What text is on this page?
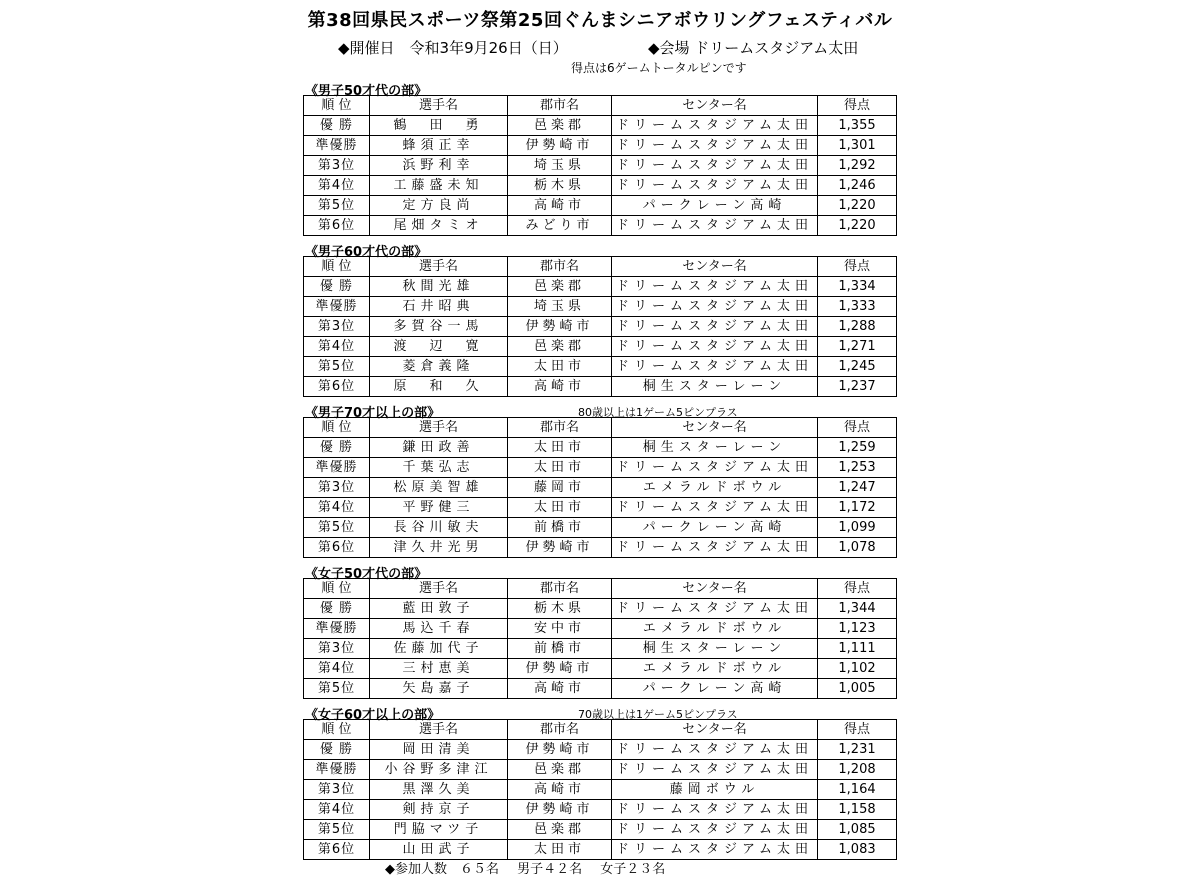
第38回県民スポーツ祭第25回ぐんまシニアボウリングフェスティバル
◆開催日　令和3年9月26日（日）	◆会場 ドリームスタジアム太田
得点は6ゲームトータルピンです
《男子50才代の部》
順 位	選手名	郡市名	センター名	得点
優 勝	鶴　田　勇	邑楽郡	ドリームスタジアム太田	1,355
準優勝	蜂須正幸	伊勢崎市	ドリームスタジアム太田	1,301
第3位	浜野利幸	埼玉県	ドリームスタジアム太田	1,292
第4位	工藤盛未知	栃木県	ドリームスタジアム太田	1,246
第5位	定方良尚	高崎市	パークレーン高崎	1,220
第6位	尾畑タミオ	みどり市	ドリームスタジアム太田	1,220
《男子60才代の部》
順 位	選手名	郡市名	センター名	得点
優 勝	秋間光雄	邑楽郡	ドリームスタジアム太田	1,334
準優勝	石井昭典	埼玉県	ドリームスタジアム太田	1,333
第3位	多賀谷一馬	伊勢崎市	ドリームスタジアム太田	1,288
第4位	渡　辺　寛	邑楽郡	ドリームスタジアム太田	1,271
第5位	菱倉義隆	太田市	ドリームスタジアム太田	1,245
第6位	原　和　久	高崎市	桐生スターレーン	1,237
《男子70才以上の部》	80歳以上は1ゲーム5ピンプラス
順 位	選手名	郡市名	センター名	得点
優 勝	鎌田政善	太田市	桐生スターレーン	1,259
準優勝	千葉弘志	太田市	ドリームスタジアム太田	1,253
第3位	松原美智雄	藤岡市	エメラルドボウル	1,247
第4位	平野健三	太田市	ドリームスタジアム太田	1,172
第5位	長谷川敏夫	前橋市	パークレーン高崎	1,099
第6位	津久井光男	伊勢崎市	ドリームスタジアム太田	1,078
《女子50才代の部》
順 位	選手名	郡市名	センター名	得点
優 勝	藍田敦子	栃木県	ドリームスタジアム太田	1,344
準優勝	馬込千春	安中市	エメラルドボウル	1,123
第3位	佐藤加代子	前橋市	桐生スターレーン	1,111
第4位	三村恵美	伊勢崎市	エメラルドボウル	1,102
第5位	矢島嘉子	高崎市	パークレーン高崎	1,005
《女子60才以上の部》	70歳以上は1ゲーム5ピンプラス
順 位	選手名	郡市名	センター名	得点
優 勝	岡田清美	伊勢崎市	ドリームスタジアム太田	1,231
準優勝	小谷野多津江	邑楽郡	ドリームスタジアム太田	1,208
第3位	黒澤久美	高崎市	藤岡ボウル	1,164
第4位	剣持京子	伊勢崎市	ドリームスタジアム太田	1,158
第5位	門脇マツ子	邑楽郡	ドリームスタジアム太田	1,085
第6位	山田武子	太田市	ドリームスタジアム太田	1,083
◆参加人数　６５名 男子４２名 女子２３名
